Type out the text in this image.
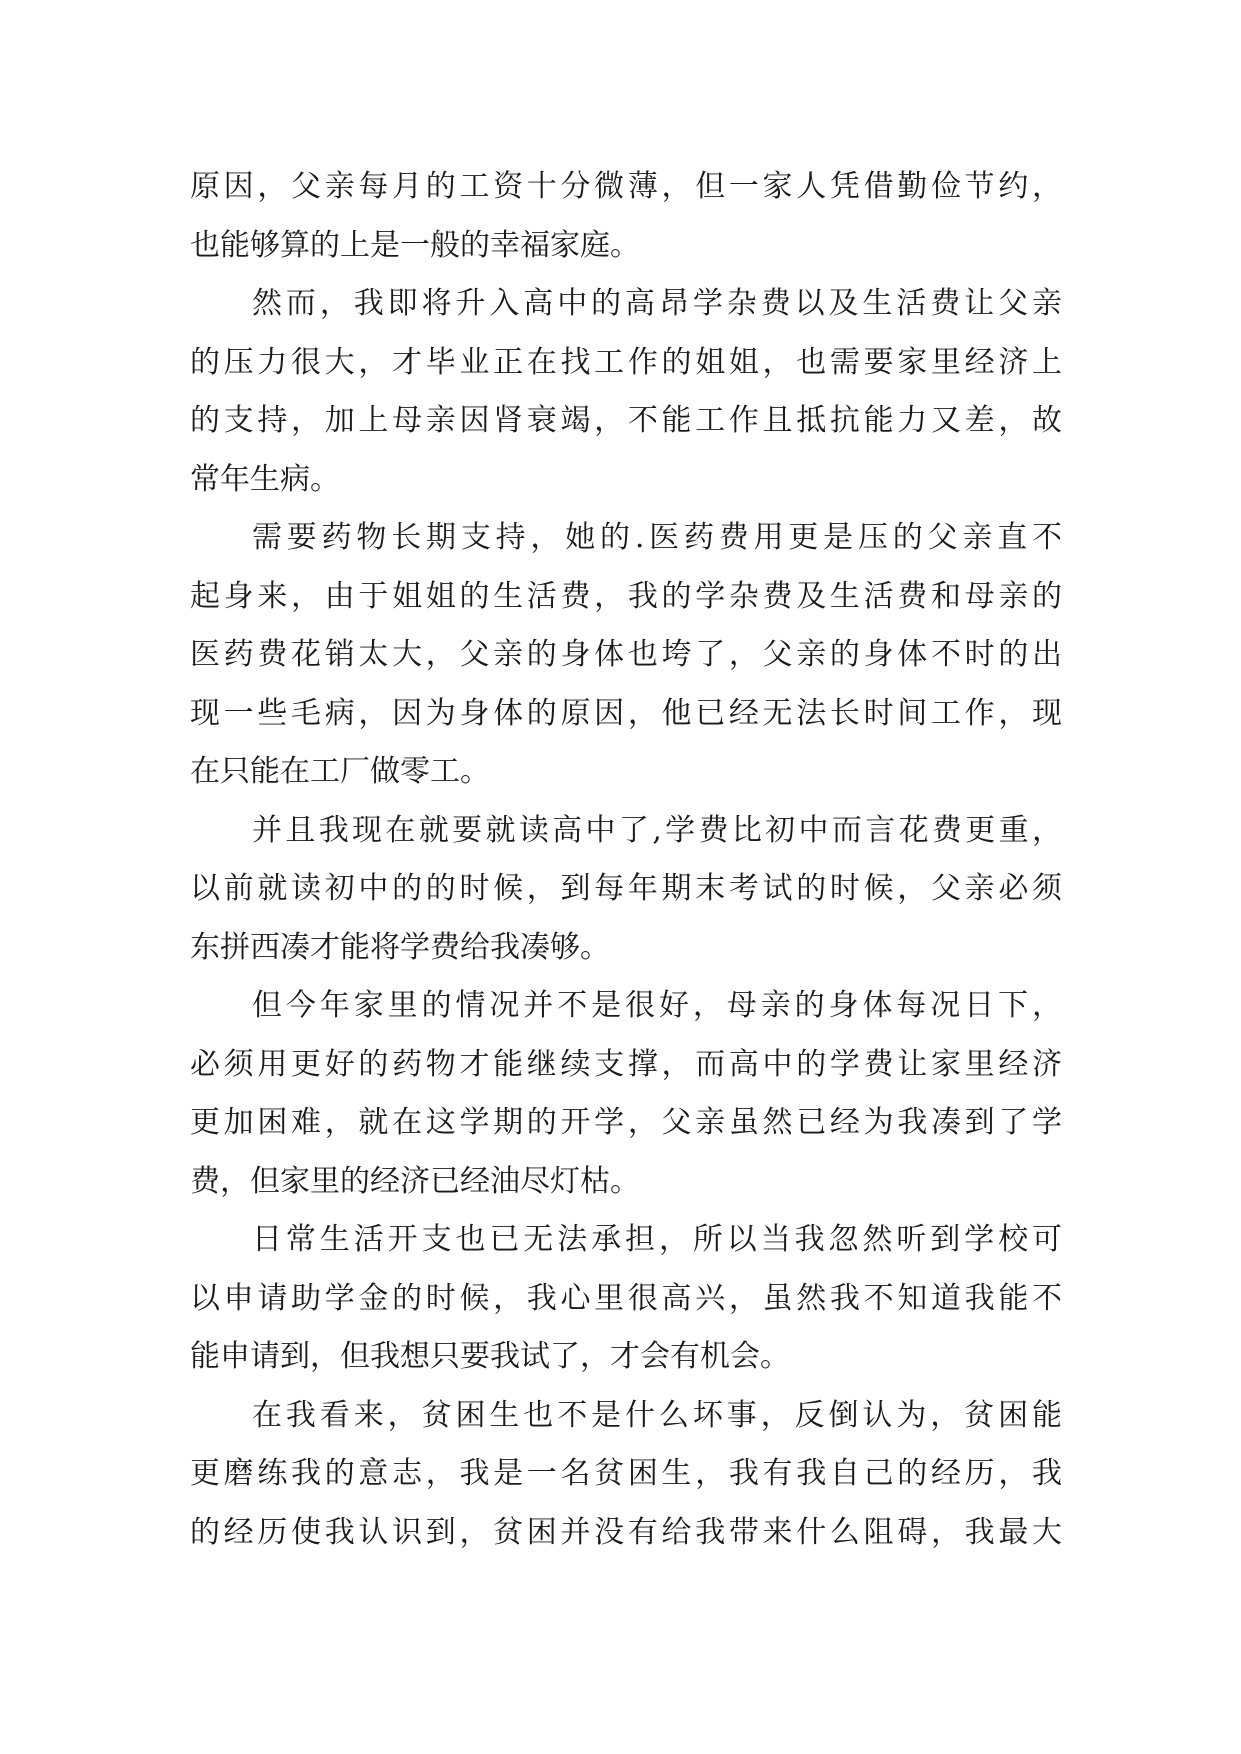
原因，父亲每月的工资十分微薄，但一家人凭借勤俭节约，
也能够算的上是一般的幸福家庭。
然而，我即将升入高中的高昂学杂费以及生活费让父亲
的压力很大，才毕业正在找工作的姐姐，也需要家里经济上
的支持，加上母亲因肾衰竭，不能工作且抵抗能力又差，故
常年生病。
需要药物长期支持，她的.医药费用更是压的父亲直不
起身来，由于姐姐的生活费，我的学杂费及生活费和母亲的
医药费花销太大，父亲的身体也垮了，父亲的身体不时的出
现一些毛病，因为身体的原因，他已经无法长时间工作，现
在只能在工厂做零工。
并且我现在就要就读高中了,学费比初中而言花费更重，
以前就读初中的的时候，到每年期末考试的时候，父亲必须
东拼西凑才能将学费给我凑够。
但今年家里的情况并不是很好，母亲的身体每况日下，
必须用更好的药物才能继续支撑，而高中的学费让家里经济
更加困难，就在这学期的开学，父亲虽然已经为我凑到了学
费，但家里的经济已经油尽灯枯。
日常生活开支也已无法承担，所以当我忽然听到学校可
以申请助学金的时候，我心里很高兴，虽然我不知道我能不
能申请到，但我想只要我试了，才会有机会。
在我看来，贫困生也不是什么坏事，反倒认为，贫困能
更磨练我的意志，我是一名贫困生，我有我自己的经历，我
的经历使我认识到，贫困并没有给我带来什么阻碍，我最大
